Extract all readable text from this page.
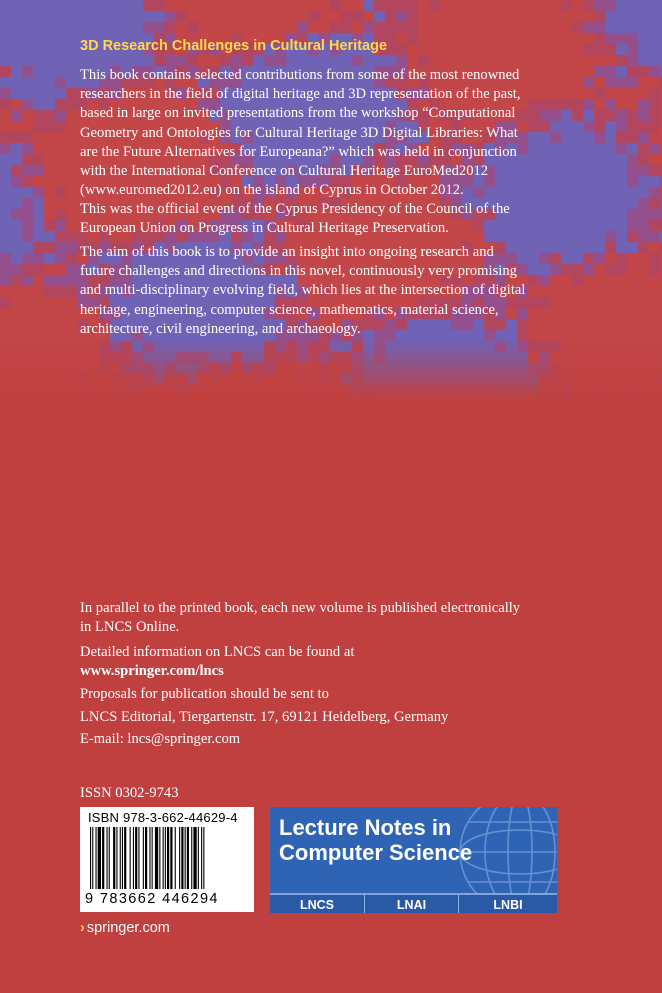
3D Research Challenges in Cultural Heritage

This book contains selected contributions from some of the most renowned
researchers in the field of digital heritage and 3D representation of the past,
based in large on invited presentations from the workshop “Computational
Geometry and Ontologies for Cultural Heritage 3D Digital Libraries: What
are the Future Alternatives for Europeana?” which was held in conjunction
with the International Conference on Cultural Heritage EuroMed2012
(www.euromed2012.eu) on the island of Cyprus in October 2012.

This was the official event of the Cyprus Presidency of the Council of the
European Union on Progress in Cultural Heritage Preservation.

The aim of this book is to provide an insight into ongoing research and
future challenges and directions in this novel, continuously very promising
and multi-disciplinary evolving field, which lies at the intersection of digital
heritage, engineering, computer science, mathematics, material science,
architecture, civil engineering, and archaeology.

In parallel to the printed book, each new volume is published electronically
in LNCS Online.
Detailed information on LNCS can be found at
www.springer.com/lncs
Proposals for publication should be sent to
LNCS Editorial, Tiergartenstr. 17, 69121 Heidelberg, Germany
E-mail: lncs@springer.com
ISSN 0302-9743
ISBN 978-3-662-44629-4
9 783662 446294
Lecture Notes in
Computer Science
LNCS	LNAI	LNBI
› springer.com
